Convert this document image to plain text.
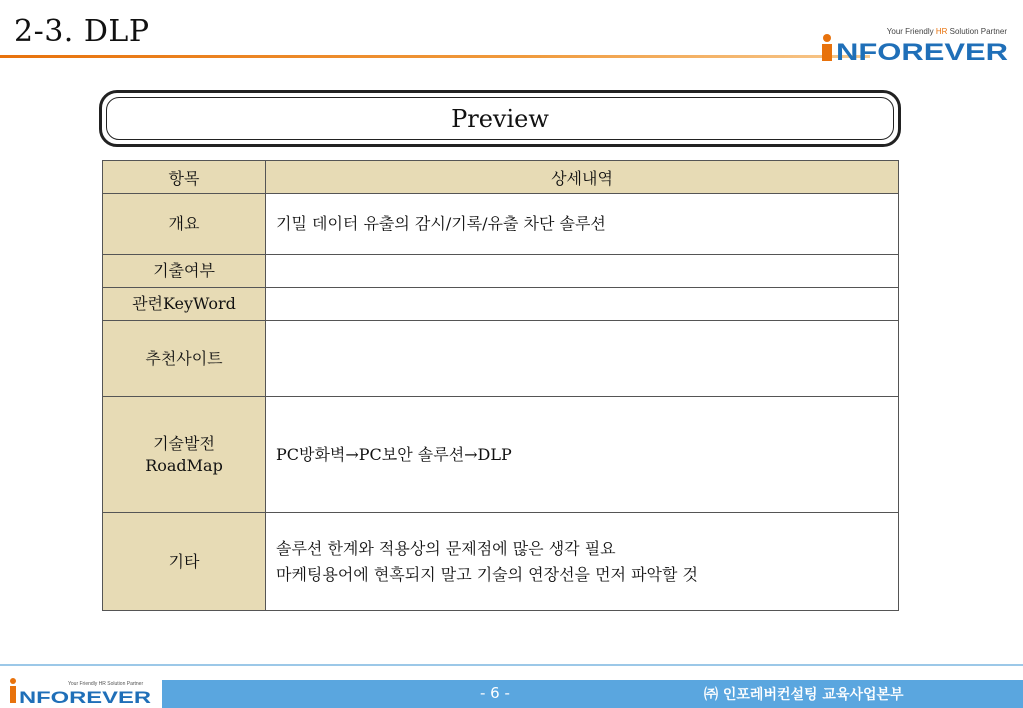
2-3. DLP	Your Friendly HR Solution Partner
NFOREVER
Preview
항목	상세내역
개요	기밀 데이터 유출의 감시/기록/유출 차단 솔루션
기출여부	
관련KeyWord	
추천사이트	

기술발전
RoadMap	PC방화벽→PC보안 솔루션→DLP
기타	솔루션 한계와 적용상의 문제점에 많은 생각 필요
마케팅용어에 현혹되지 말고 기술의 연장선을 먼저 파악할 것
- 6 -	㈜ 인포레버컨설팅 교육사업본부
Your Friendly HR Solution Partner
NFOREVER
